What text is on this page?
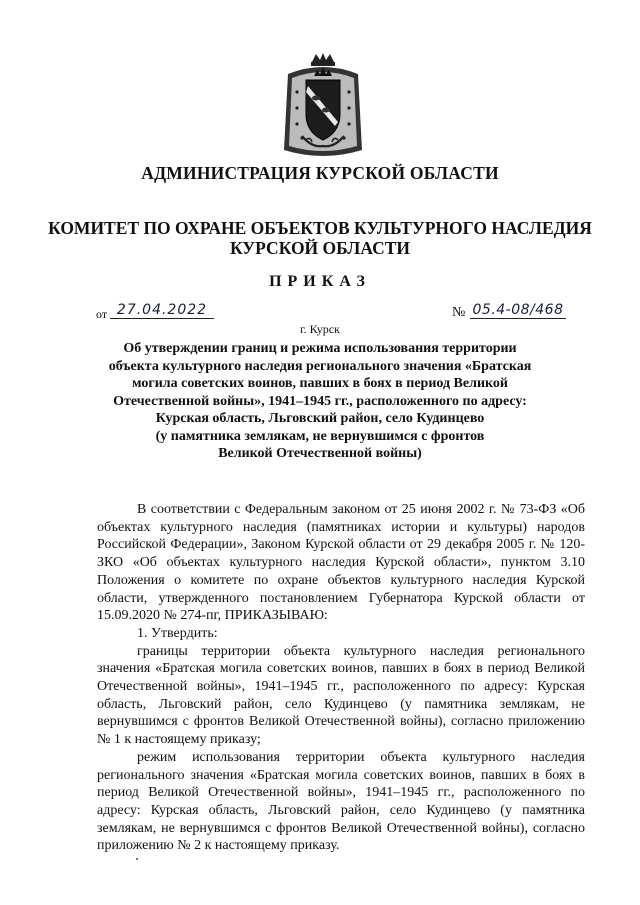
АДМИНИСТРАЦИЯ КУРСКОЙ ОБЛАСТИ
КОМИТЕТ ПО ОХРАНЕ ОБЪЕКТОВ КУЛЬТУРНОГО НАСЛЕДИЯ
КУРСКОЙ ОБЛАСТИ
ПРИКАЗ
от 27.04.2022	№ 05.4-08/468
г. Курск
Об утверждении границ и режима использования территории
объекта культурного наследия регионального значения «Братская
могила советских воинов, павших в боях в период Великой
Отечественной войны», 1941–1945 гг., расположенного по адресу:
Курская область, Льговский район, село Кудинцево
(у памятника землякам, не вернувшимся с фронтов
Великой Отечественной войны)

В соответствии с Федеральным законом от 25 июня 2002 г. № 73-ФЗ «Об объектах культурного наследия (памятниках истории и культуры) народов Российской Федерации», Законом Курской области от 29 декабря 2005 г. № 120-ЗКО «Об объектах культурного наследия Курской области», пунктом 3.10 Положения о комитете по охране объектов культурного наследия Курской области, утвержденного постановлением Губернатора Курской области от 15.09.2020 № 274-пг, ПРИКАЗЫВАЮ:

1. Утвердить:

границы территории объекта культурного наследия регионального значения «Братская могила советских воинов, павших в боях в период Великой Отечественной войны», 1941–1945 гг., расположенного по адресу: Курская область, Льговский район, село Кудинцево (у памятника землякам, не вернувшимся с фронтов Великой Отечественной войны), согласно приложению № 1 к настоящему приказу;

режим использования территории объекта культурного наследия регионального значения «Братская могила советских воинов, павших в боях в период Великой Отечественной войны», 1941–1945 гг., расположенного по адресу: Курская область, Льговский район, село Кудинцево (у памятника землякам, не вернувшимся с фронтов Великой Отечественной войны), согласно приложению № 2 к настоящему приказу.
